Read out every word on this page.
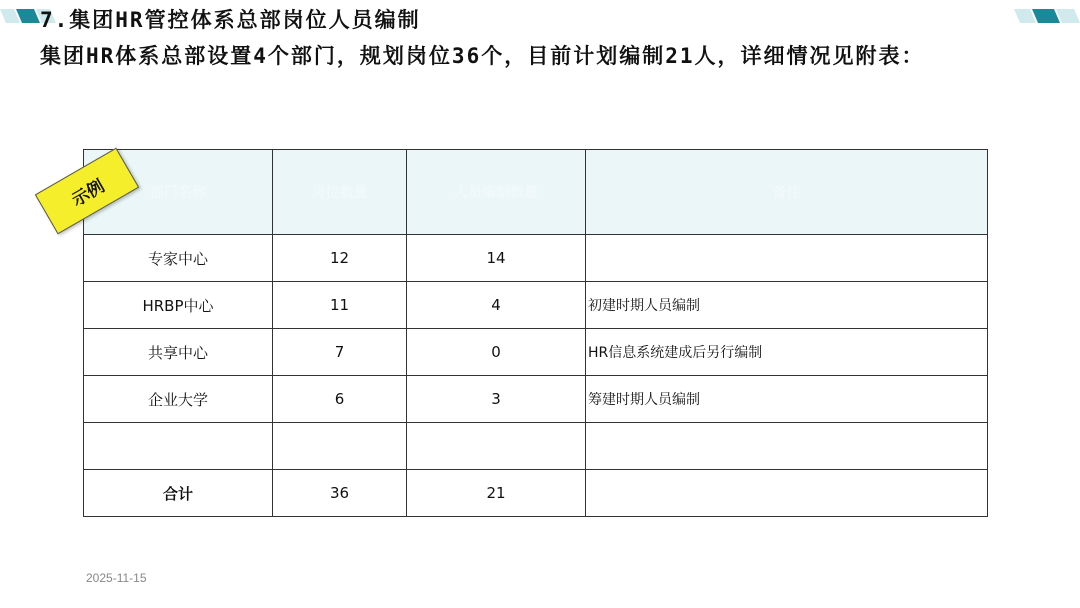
7.集团HR管控体系总部岗位人员编制
集团HR体系总部设置4个部门，规划岗位36个，目前计划编制21人，详细情况见附表：
部门名称	岗位数量	人员编制数量	备注
专家中心	12	14	
HRBP中心	11	4	初建时期人员编制
共享中心	7	0	HR信息系统建成后另行编制
企业大学	6	3	筹建时期人员编制

合计	36	21	
示例
2025-11-15
